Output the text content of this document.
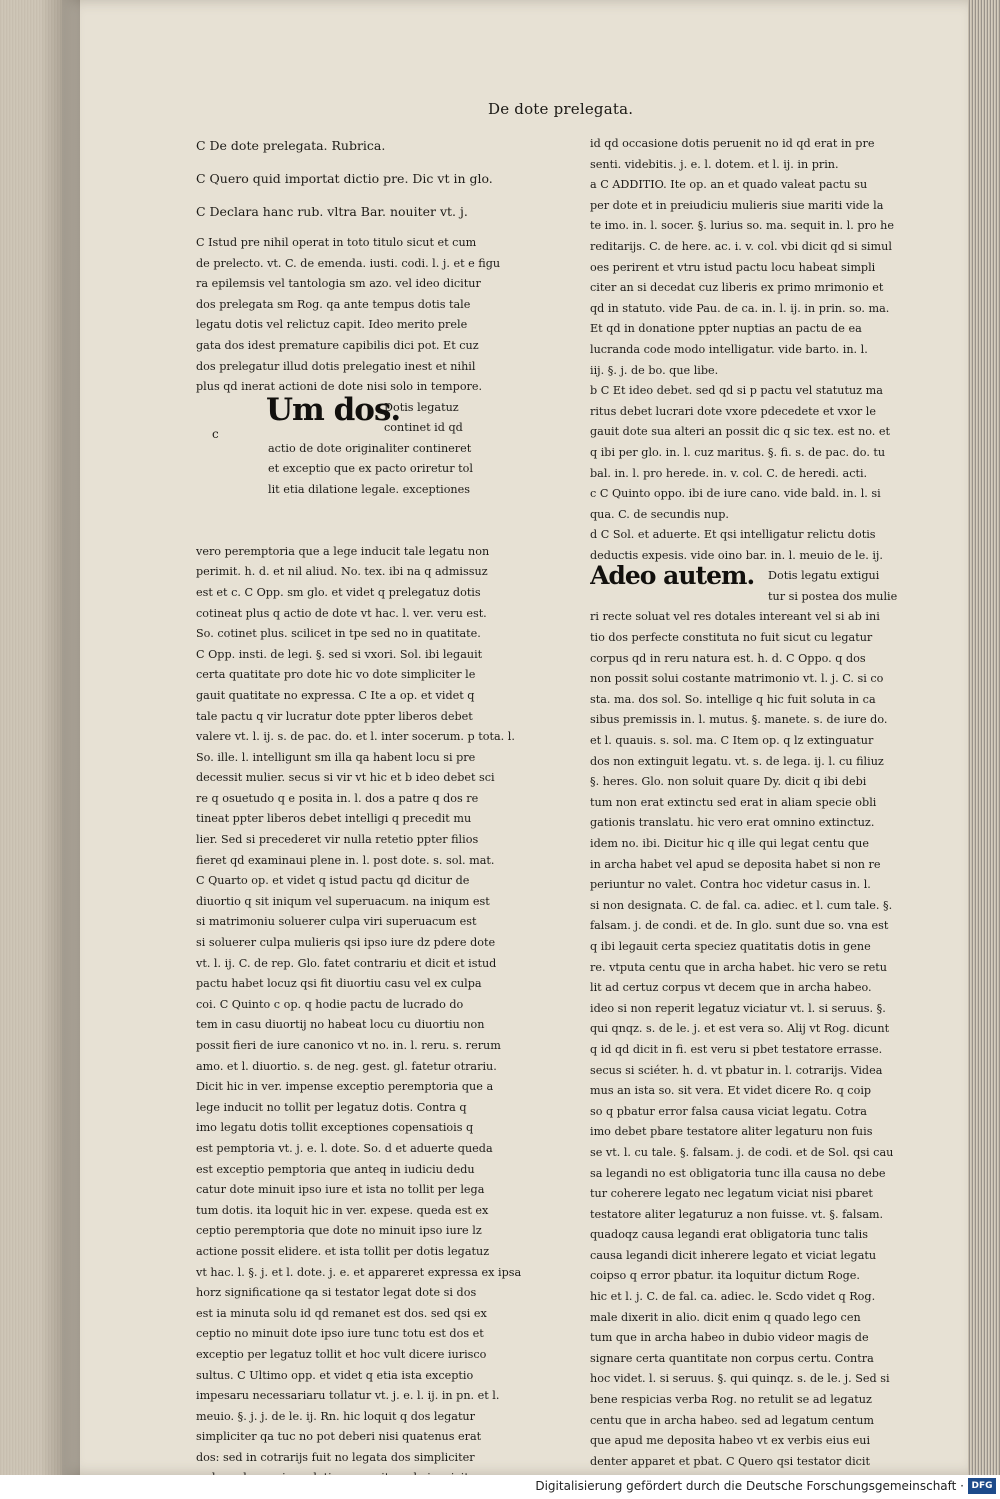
De dote prelegata.
C De dote prelegata. Rubrica.
C Quero quid importat dictio pre. Dic vt in glo.
C Declara hanc rub. vltra Bar. nouiter vt. j.
C Istud pre nihil operat in toto titulo sicut et cum
de prelecto. vt. C. de emenda. iusti. codi. l. j. et e figu
ra epilemsis vel tantologia sm azo. vel ideo dicitur
dos prelegata sm Rog. qa ante tempus dotis tale
legatu dotis vel relictuz capit. Ideo merito prele
gata dos idest premature capibilis dici pot. Et cuz
dos prelegatur illud dotis prelegatio inest et nihil
plus qd inerat actioni de dote nisi solo in tempore.
Um dos.
c
Dotis legatuz
continet id qd
actio de dote originaliter contineret
et exceptio que ex pacto oriretur tol
lit etia dilatione legale. exceptiones
vero peremptoria que a lege inducit tale legatu non
perimit. h. d. et nil aliud. No. tex. ibi na q admissuz
est et c. C Opp. sm glo. et videt q prelegatuz dotis
cotineat plus q actio de dote vt hac. l. ver. veru est.
So. cotinet plus. scilicet in tpe sed no in quatitate.
C Opp. insti. de legi. §. sed si vxori. Sol. ibi legauit
certa quatitate pro dote hic vo dote simpliciter le
gauit quatitate no expressa. C Ite a op. et videt q
tale pactu q vir lucratur dote ppter liberos debet
valere vt. l. ij. s. de pac. do. et l. inter socerum. p tota. l.
So. ille. l. intelligunt sm illa qa habent locu si pre
decessit mulier. secus si vir vt hic et b ideo debet sci
re q osuetudo q e posita in. l. dos a patre q dos re
tineat ppter liberos debet intelligi q precedit mu
lier. Sed si precederet vir nulla retetio ppter filios
fieret qd examinaui plene in. l. post dote. s. sol. mat.
C Quarto op. et videt q istud pactu qd dicitur de
diuortio q sit iniqum vel superuacum. na iniqum est
si matrimoniu soluerer culpa viri superuacum est
si soluerer culpa mulieris qsi ipso iure dz pdere dote
vt. l. ij. C. de rep. Glo. fatet contrariu et dicit et istud
pactu habet locuz qsi fit diuortiu casu vel ex culpa
coi. C Quinto c op. q hodie pactu de lucrado do
tem in casu diuortij no habeat locu cu diuortiu non
possit fieri de iure canonico vt no. in. l. reru. s. rerum
amo. et l. diuortio. s. de neg. gest. gl. fatetur otrariu.
Dicit hic in ver. impense exceptio peremptoria que a
lege inducit no tollit per legatuz dotis. Contra q
imo legatu dotis tollit exceptiones copensatiois q
est pemptoria vt. j. e. l. dote. So. d et aduerte queda
est exceptio pemptoria que anteq in iudiciu dedu
catur dote minuit ipso iure et ista no tollit per lega
tum dotis. ita loquit hic in ver. expese. queda est ex
ceptio peremptoria que dote no minuit ipso iure lz
actione possit elidere. et ista tollit per dotis legatuz
vt hac. l. §. j. et l. dote. j. e. et appareret expressa ex ipsa
horz significatione qa si testator legat dote si dos
est ia minuta solu id qd remanet est dos. sed qsi ex
ceptio no minuit dote ipso iure tunc totu est dos et
exceptio per legatuz tollit et hoc vult dicere iurisco
sultus. C Ultimo opp. et videt q etia ista exceptio
impesaru necessariaru tollatur vt. j. e. l. ij. in pn. et l.
meuio. §. j. j. de le. ij. Rn. hic loquit q dos legatur
simpliciter qa tuc no pot deberi nisi quatenus erat
dos: sed in cotrarijs fuit no legata dos simpliciter
id qd occasione dotis peruenit no id qd erat in pre
senti. videbitis. j. e. l. dotem. et l. ij. in prin.
a C ADDITIO. Ite op. an et quado valeat pactu su
per dote et in preiudiciu mulieris siue mariti vide la
te imo. in. l. socer. §. lurius so. ma. sequit in. l. pro he
reditarijs. C. de here. ac. i. v. col. vbi dicit qd si simul
oes perirent et vtru istud pactu locu habeat simpli
citer an si decedat cuz liberis ex primo mrimonio et
qd in statuto. vide Pau. de ca. in. l. ij. in prin. so. ma.
Et qd in donatione ppter nuptias an pactu de ea
lucranda code modo intelligatur. vide barto. in. l.
iij. §. j. de bo. que libe.
b C Et ideo debet. sed qd si p pactu vel statutuz ma
ritus debet lucrari dote vxore pdecedete et vxor le
gauit dote sua alteri an possit dic q sic tex. est no. et
q ibi per glo. in. l. cuz maritus. §. fi. s. de pac. do. tu
bal. in. l. pro herede. in. v. col. C. de heredi. acti.
c C Quinto oppo. ibi de iure cano. vide bald. in. l. si
qua. C. de secundis nup.
d C Sol. et aduerte. Et qsi intelligatur relictu dotis
deductis expesis. vide oino bar. in. l. meuio de le. ij.
Adeo autem. Dotis legatu extigui
tur si postea dos mulie
ri recte soluat vel res dotales intereant vel si ab ini
tio dos perfecte constituta no fuit sicut cu legatur
corpus qd in reru natura est. h. d. C Oppo. q dos
non possit solui costante matrimonio vt. l. j. C. si co
sta. ma. dos sol. So. intellige q hic fuit soluta in ca
sibus premissis in. l. mutus. §. manete. s. de iure do.
et l. quauis. s. sol. ma. C Item op. q lz extinguatur
dos non extinguit legatu. vt. s. de lega. ij. l. cu filiuz
§. heres. Glo. non soluit quare Dy. dicit q ibi debi
tum non erat extinctu sed erat in aliam specie obli
gationis translatu. hic vero erat omnino extinctuz.
idem no. ibi. Dicitur hic q ille qui legat centu que
in archa habet vel apud se deposita habet si non re
periuntur no valet. Contra hoc videtur casus in. l.
si non designata. C. de fal. ca. adiec. et l. cum tale. §.
falsam. j. de condi. et de. In glo. sunt due so. vna est
q ibi legauit certa speciez quatitatis dotis in gene
re. vtputa centu que in archa habet. hic vero se retu
lit ad certuz corpus vt decem que in archa habeo.
ideo si non reperit legatuz viciatur vt. l. si seruus. §.
qui qnqz. s. de le. j. et est vera so. Alij vt Rog. dicunt
q id qd dicit in fi. est veru si pbet testatore errasse.
secus si sciéter. h. d. vt pbatur in. l. cotrarijs. Videa
mus an ista so. sit vera. Et videt dicere Ro. q coip
so q pbatur error falsa causa viciat legatu. Cotra
imo debet pbare testatore aliter legaturu non fuis
se vt. l. cu tale. §. falsam. j. de codi. et de Sol. qsi cau
sa legandi no est obligatoria tunc illa causa no debe
tur coherere legato nec legatum viciat nisi pbaret
testatore aliter legaturuz a non fuisse. vt. §. falsam.
quadoqz causa legandi erat obligatoria tunc talis
causa legandi dicit inherere legato et viciat legatu
coipso q error pbatur. ita loquitur dictum Roge.
hic et l. j. C. de fal. ca. adiec. le. Scdo videt q Rog.
male dixerit in alio. dicit enim q quado lego cen
tum que in archa habeo in dubio videor magis de
signare certa quantitate non corpus certu. Contra
hoc videt. l. si seruus. §. qui quinqz. s. de le. j. Sed si
bene respicias verba Rog. no retulit se ad legatuz
centu que in archa habeo. sed ad legatum centum
que apud me deposita habeo vt ex verbis eius eui
denter apparet et pbat. C Quero qsi testator dicit
Digitalisierung gefördert durch die Deutsche Forschungsgemeinschaft · DFG
